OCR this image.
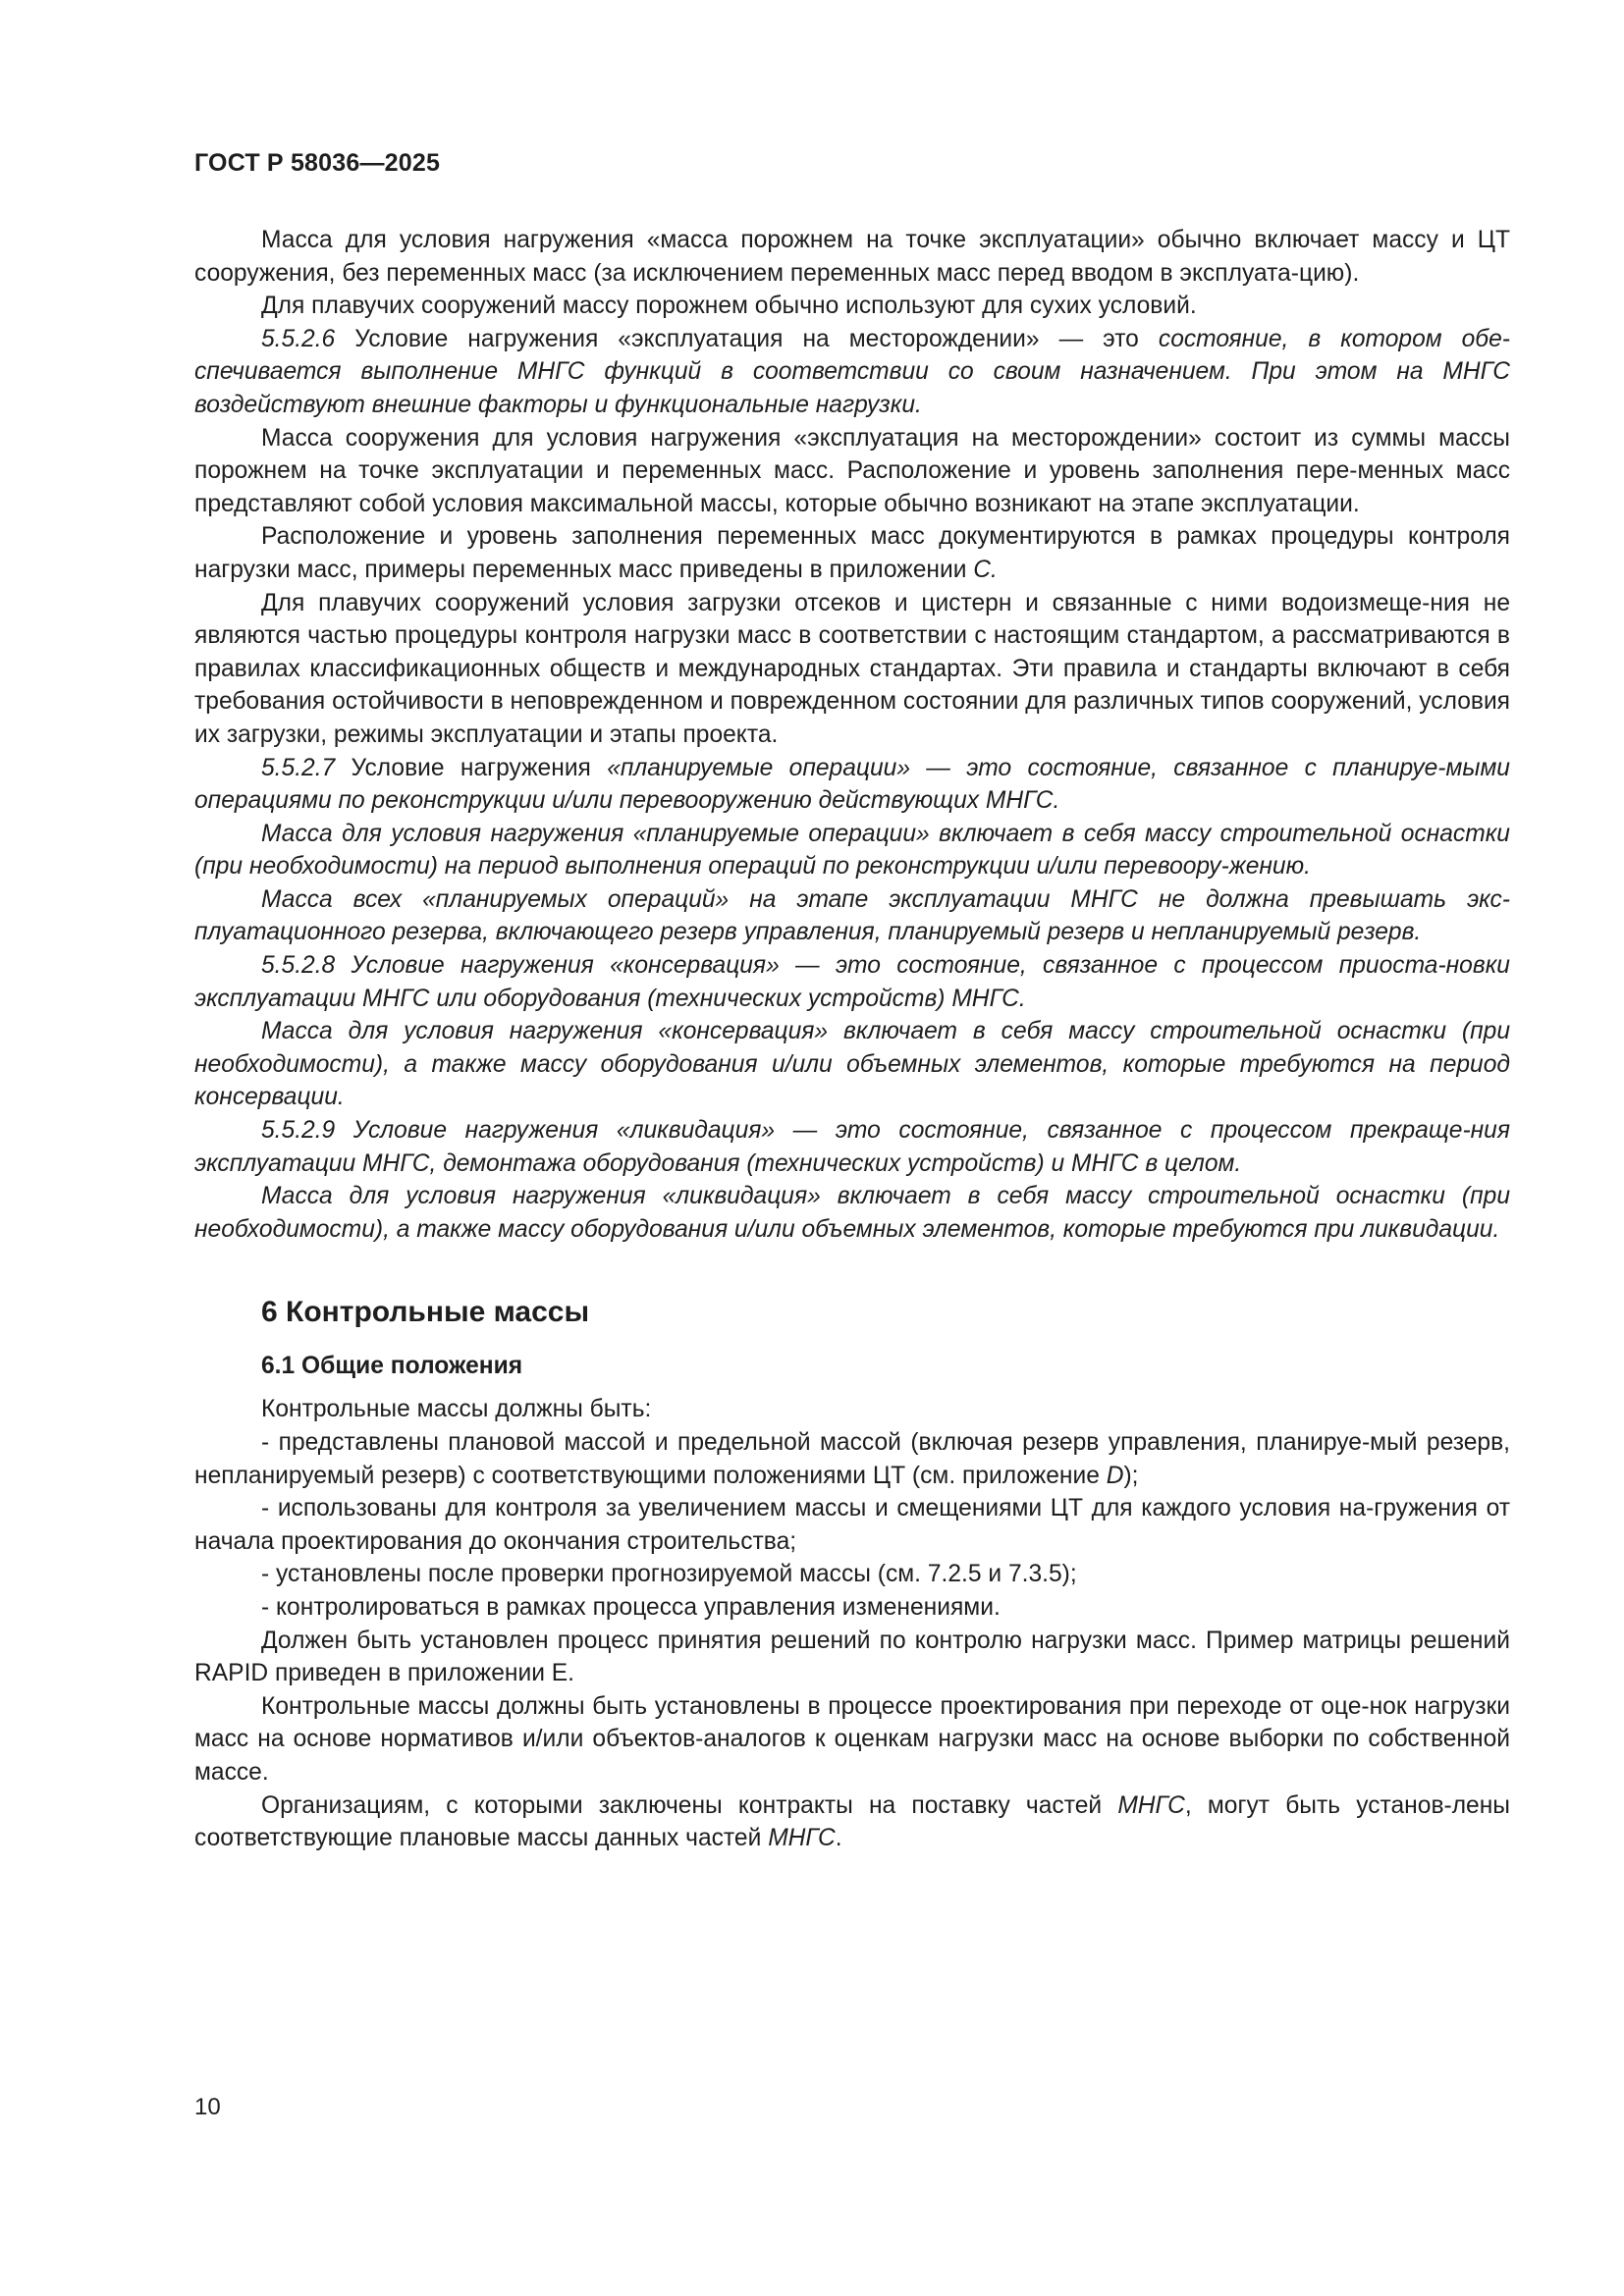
ГОСТ Р 58036—2025

Масса для условия нагружения «масса порожнем на точке эксплуатации» обычно включает массу и ЦТ сооружения, без переменных масс (за исключением переменных масс перед вводом в эксплуата-цию).

Для плавучих сооружений массу порожнем обычно используют для сухих условий.

5.5.2.6 Условие нагружения «эксплуатация на месторождении» — это состояние, в котором обе-спечивается выполнение МНГС функций в соответствии со своим назначением. При этом на МНГС воздействуют внешние факторы и функциональные нагрузки.

Масса сооружения для условия нагружения «эксплуатация на месторождении» состоит из суммы массы порожнем на точке эксплуатации и переменных масс. Расположение и уровень заполнения пере-менных масс представляют собой условия максимальной массы, которые обычно возникают на этапе эксплуатации.

Расположение и уровень заполнения переменных масс документируются в рамках процедуры контроля нагрузки масс, примеры переменных масс приведены в приложении С.

Для плавучих сооружений условия загрузки отсеков и цистерн и связанные с ними водоизмеще-ния не являются частью процедуры контроля нагрузки масс в соответствии с настоящим стандартом, а рассматриваются в правилах классификационных обществ и международных стандартах. Эти правила и стандарты включают в себя требования остойчивости в неповрежденном и поврежденном состоянии для различных типов сооружений, условия их загрузки, режимы эксплуатации и этапы проекта.

5.5.2.7 Условие нагружения «планируемые операции» — это состояние, связанное с планируе-мыми операциями по реконструкции и/или перевооружению действующих МНГС.

Масса для условия нагружения «планируемые операции» включает в себя массу строительной оснастки (при необходимости) на период выполнения операций по реконструкции и/или перевоору-жению.

Масса всех «планируемых операций» на этапе эксплуатации МНГС не должна превышать экс-плуатационного резерва, включающего резерв управления, планируемый резерв и непланируемый резерв.

5.5.2.8 Условие нагружения «консервация» — это состояние, связанное с процессом приоста-новки эксплуатации МНГС или оборудования (технических устройств) МНГС.

Масса для условия нагружения «консервация» включает в себя массу строительной оснастки (при необходимости), а также массу оборудования и/или объемных элементов, которые требуются на период консервации.

5.5.2.9 Условие нагружения «ликвидация» — это состояние, связанное с процессом прекраще-ния эксплуатации МНГС, демонтажа оборудования (технических устройств) и МНГС в целом.

Масса для условия нагружения «ликвидация» включает в себя массу строительной оснастки (при необходимости), а также массу оборудования и/или объемных элементов, которые требуются при ликвидации.

6 Контрольные массы
6.1 Общие положения

Контрольные массы должны быть:

- представлены плановой массой и предельной массой (включая резерв управления, планируе-мый резерв, непланируемый резерв) с соответствующими положениями ЦТ (см. приложение D);

- использованы для контроля за увеличением массы и смещениями ЦТ для каждого условия на-гружения от начала проектирования до окончания строительства;

- установлены после проверки прогнозируемой массы (см. 7.2.5 и 7.3.5);

- контролироваться в рамках процесса управления изменениями.

Должен быть установлен процесс принятия решений по контролю нагрузки масс. Пример матрицы решений RAPID приведен в приложении E.

Контрольные массы должны быть установлены в процессе проектирования при переходе от оце-нок нагрузки масс на основе нормативов и/или объектов-аналогов к оценкам нагрузки масс на основе выборки по собственной массе.

Организациям, с которыми заключены контракты на поставку частей МНГС, могут быть установ-лены соответствующие плановые массы данных частей МНГС.

10
